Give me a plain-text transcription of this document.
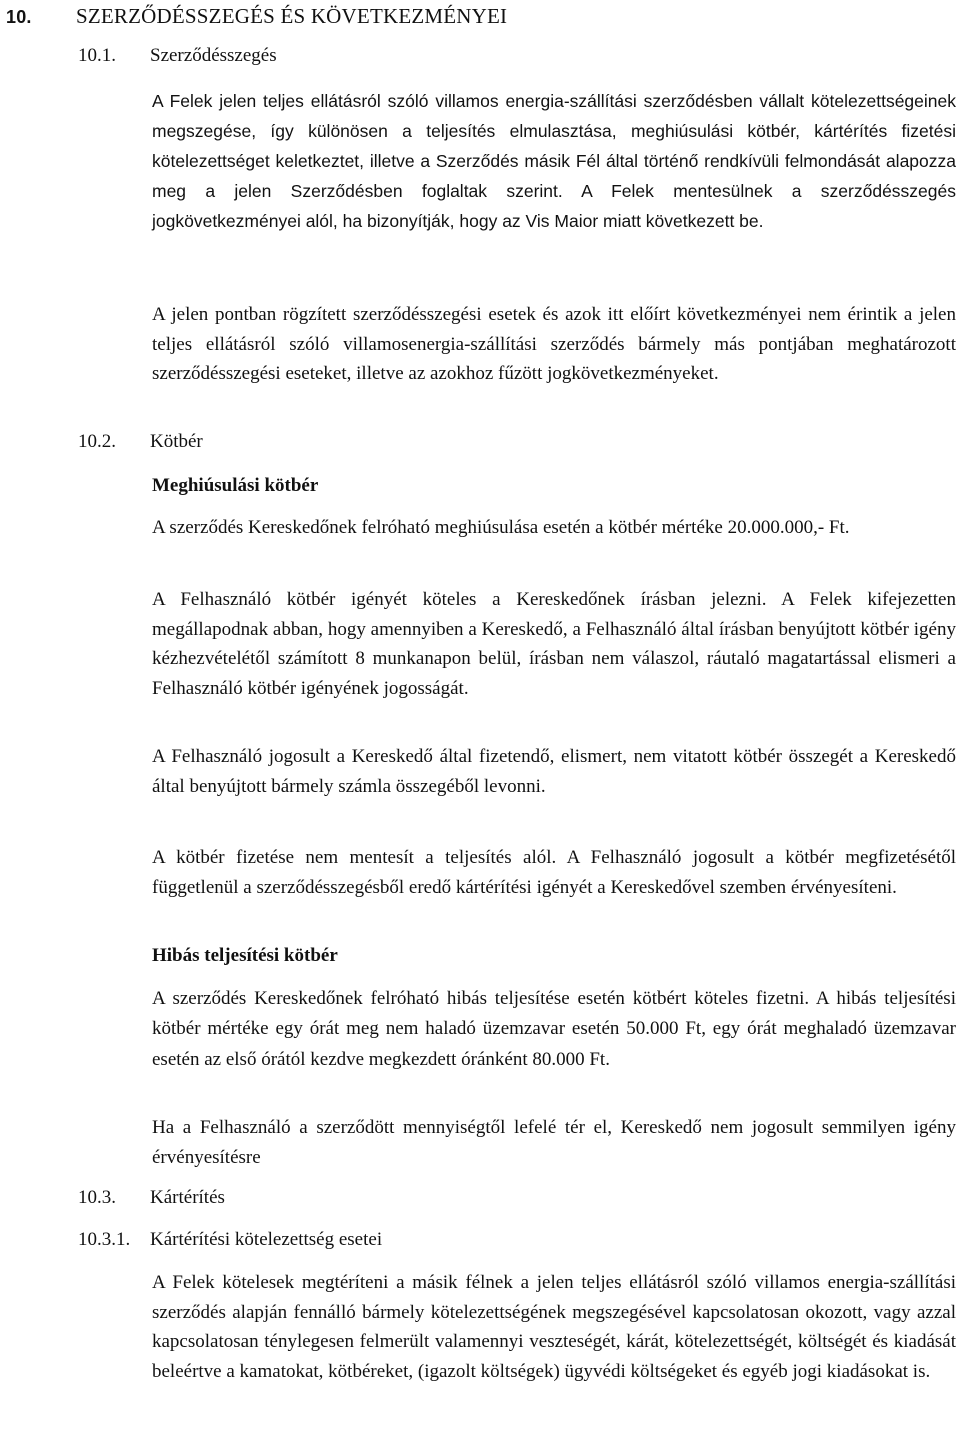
10. SZERZŐDÉSSZEGÉS ÉS KÖVETKEZMÉNYEI
10.1. Szerződésszegés

A Felek jelen teljes ellátásról szóló villamos energia-szállítási szerződésben vállalt kötelezettségeinek megszegése, így különösen a teljesítés elmulasztása, meghiúsulási kötbér, kártérítés fizetési kötelezettséget keletkeztet, illetve a Szerződés másik Fél által történő rendkívüli felmondását alapozza meg a jelen Szerződésben foglaltak szerint. A Felek mentesülnek a szerződésszegés jogkövetkezményei alól, ha bizonyítják, hogy az Vis Maior miatt következett be.

A jelen pontban rögzített szerződésszegési esetek és azok itt előírt következményei nem érintik a jelen teljes ellátásról szóló villamosenergia-szállítási szerződés bármely más pontjában meghatározott szerződésszegési eseteket, illetve az azokhoz fűzött jogkövetkezményeket.

10.2. Kötbér
Meghiúsulási kötbér

A szerződés Kereskedőnek felróható meghiúsulása esetén a kötbér mértéke 20.000.000,- Ft.

A Felhasználó kötbér igényét köteles a Kereskedőnek írásban jelezni. A Felek kifejezetten megállapodnak abban, hogy amennyiben a Kereskedő, a Felhasználó által írásban benyújtott kötbér igény kézhezvételétől számított 8 munkanapon belül, írásban nem válaszol, ráutaló magatartással elismeri a Felhasználó kötbér igényének jogosságát.

A Felhasználó jogosult a Kereskedő által fizetendő, elismert, nem vitatott kötbér összegét a Kereskedő által benyújtott bármely számla összegéből levonni.

A kötbér fizetése nem mentesít a teljesítés alól. A Felhasználó jogosult a kötbér megfizetésétől függetlenül a szerződésszegésből eredő kártérítési igényét a Kereskedővel szemben érvényesíteni.

Hibás teljesítési kötbér

A szerződés Kereskedőnek felróható hibás teljesítése esetén kötbért köteles fizetni. A hibás teljesítési kötbér mértéke egy órát meg nem haladó üzemzavar esetén 50.000 Ft, egy órát meghaladó üzemzavar esetén az első órától kezdve megkezdett óránként 80.000 Ft.

Ha a Felhasználó a szerződött mennyiségtől lefelé tér el, Kereskedő nem jogosult semmilyen igény érvényesítésre

10.3. Kártérítés
10.3.1. Kártérítési kötelezettség esetei

A Felek kötelesek megtéríteni a másik félnek a jelen teljes ellátásról szóló villamos energia-szállítási szerződés alapján fennálló bármely kötelezettségének megszegésével kapcsolatosan okozott, vagy azzal kapcsolatosan ténylegesen felmerült valamennyi veszteségét, kárát, kötelezettségét, költségét és kiadását beleértve a kamatokat, kötbéreket, (igazolt költségek) ügyvédi költségeket és egyéb jogi kiadásokat is.
